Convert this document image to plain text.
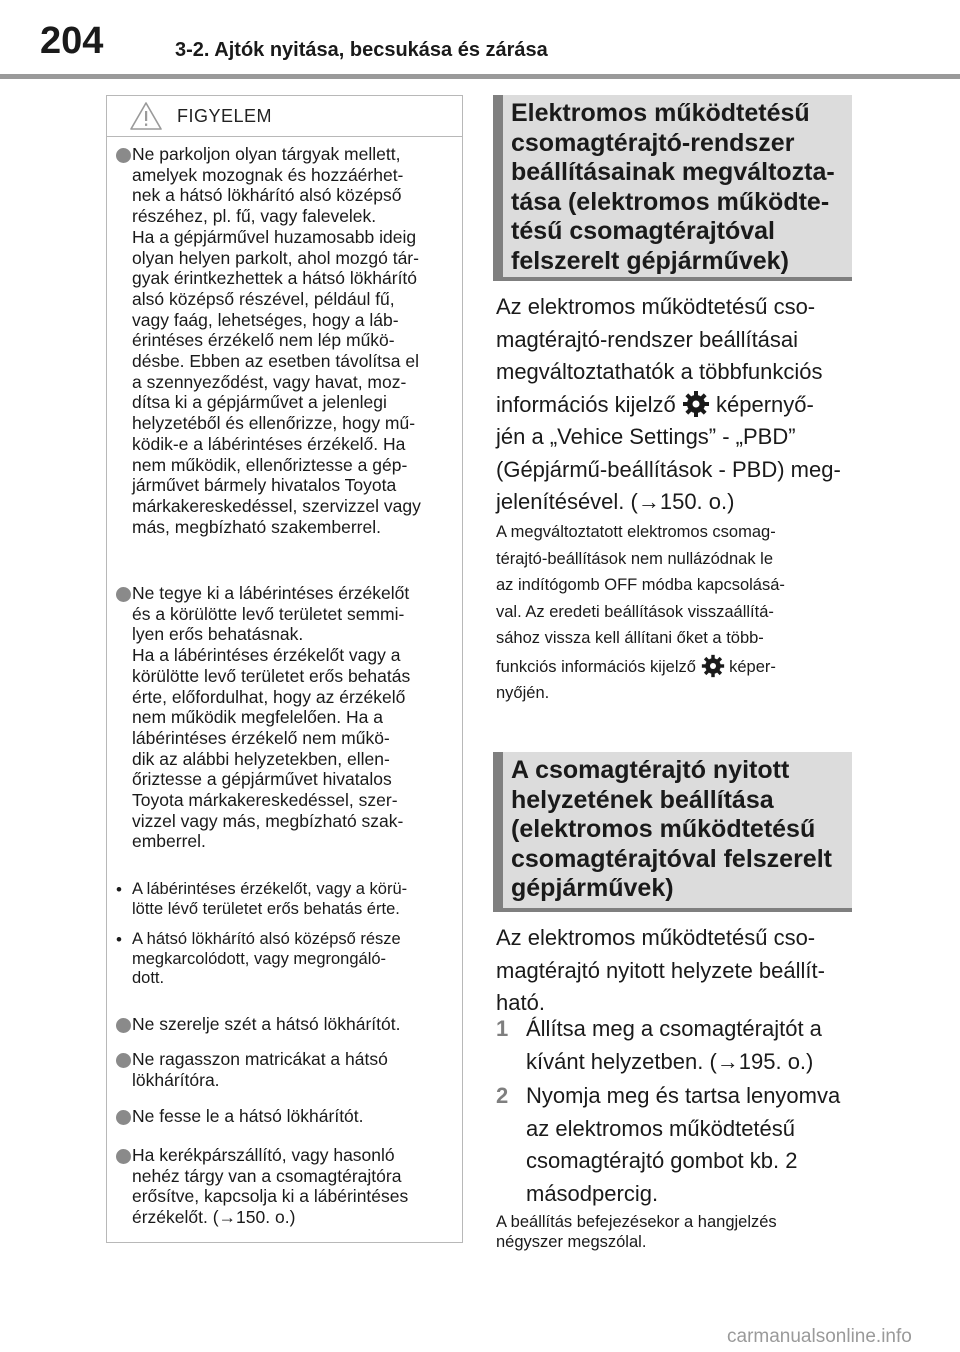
204	3-2. Ajtók nyitása, becsukása és zárása
FIGYELEM

Ne parkoljon olyan tárgyak mellett,

amelyek mozognak és hozzáérhet-

nek a hátsó lökhárító alsó középső

részéhez, pl. fű, vagy falevelek.

Ha a gépjárművel huzamosabb ideig

olyan helyen parkolt, ahol mozgó tár-

gyak érintkezhettek a hátsó lökhárító

alsó középső részével, például fű,

vagy faág, lehetséges, hogy a láb-

érintéses érzékelő nem lép műkö-

désbe. Ebben az esetben távolítsa el

a szennyeződést, vagy havat, moz-

dítsa ki a gépjárművet a jelenlegi

helyzetéből és ellenőrizze, hogy mű-

ködik-e a lábérintéses érzékelő. Ha

nem működik, ellenőriztesse a gép-

járművet bármely hivatalos Toyota

márkakereskedéssel, szervizzel vagy

más, megbízható szakemberrel.

Ne tegye ki a lábérintéses érzékelőt

és a körülötte levő területet semmi-

lyen erős behatásnak.

Ha a lábérintéses érzékelőt vagy a

körülötte levő területet erős behatás

érte, előfordulhat, hogy az érzékelő

nem működik megfelelően. Ha a

lábérintéses érzékelő nem műkö-

dik az alábbi helyzetekben, ellen-

őriztesse a gépjárművet hivatalos

Toyota márkakereskedéssel, szer-

vizzel vagy más, megbízható szak-

emberrel.

• A lábérintéses érzékelőt, vagy a körü-
lötte lévő területet erős behatás érte.
• A hátsó lökhárító alsó középső része
megkarcolódott, vagy megrongáló-
dott.

Ne szerelje szét a hátsó lökhárítót.

Ne ragasszon matricákat a hátsó

lökhárítóra.

Ne fesse le a hátsó lökhárítót.

Ha kerékpárszállító, vagy hasonló

nehéz tárgy van a csomagtérajtóra

erősítve, kapcsolja ki a lábérintéses

érzékelőt. (→150. o.)

Elektromos működtetésű
csomagtérajtó-rendszer
beállításainak megváltozta-
tása (elektromos működte-
tésű csomagtérajtóval
felszerelt gépjárművek)
Az elektromos működtetésű cso-
magtérajtó-rendszer beállításai
megváltoztathatók a többfunkciós
információs kijelző képernyő-
jén a „Vehice Settings” - „PBD”
(Gépjármű-beállítások - PBD) meg-
jelenítésével. (→150. o.)
A megváltoztatott elektromos csomag-
térajtó-beállítások nem nullázódnak le
az indítógomb OFF módba kapcsolásá-
val. Az eredeti beállítások visszaállítá-
sához vissza kell állítani őket a több-
funkciós információs kijelző képer-
nyőjén.
A csomagtérajtó nyitott
helyzetének beállítása
(elektromos működtetésű
csomagtérajtóval felszerelt
gépjárművek)
Az elektromos működtetésű cso-
magtérajtó nyitott helyzete beállít-
ható.
1 Állítsa meg a csomagtérajtót a
kívánt helyzetben. (→195. o.)
2 Nyomja meg és tartsa lenyomva
az elektromos működtetésű
csomagtérajtó gombot kb. 2
másodpercig.
A beállítás befejezésekor a hangjelzés
négyszer megszólal.
carmanualsonline.info
